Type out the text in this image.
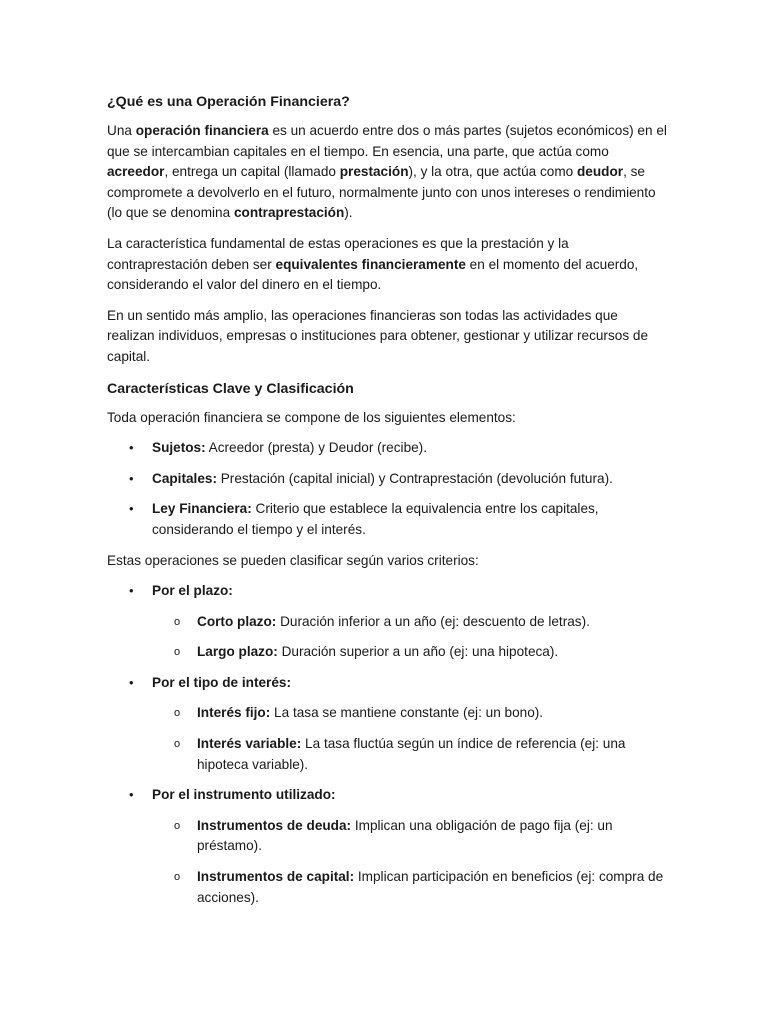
¿Qué es una Operación Financiera?

Una operación financiera es un acuerdo entre dos o más partes (sujetos económicos) en el que se intercambian capitales en el tiempo. En esencia, una parte, que actúa como acreedor, entrega un capital (llamado prestación), y la otra, que actúa como deudor, se compromete a devolverlo en el futuro, normalmente junto con unos intereses o rendimiento (lo que se denomina contraprestación).

La característica fundamental de estas operaciones es que la prestación y la contraprestación deben ser equivalentes financieramente en el momento del acuerdo, considerando el valor del dinero en el tiempo.

En un sentido más amplio, las operaciones financieras son todas las actividades que realizan individuos, empresas o instituciones para obtener, gestionar y utilizar recursos de capital.

Características Clave y Clasificación

Toda operación financiera se compone de los siguientes elementos:

• Sujetos: Acreedor (presta) y Deudor (recibe).
• Capitales: Prestación (capital inicial) y Contraprestación (devolución futura).
• Ley Financiera: Criterio que establece la equivalencia entre los capitales, considerando el tiempo y el interés.

Estas operaciones se pueden clasificar según varios criterios:

• Por el plazo:
o Corto plazo: Duración inferior a un año (ej: descuento de letras).
o Largo plazo: Duración superior a un año (ej: una hipoteca).
• Por el tipo de interés:
o Interés fijo: La tasa se mantiene constante (ej: un bono).
o Interés variable: La tasa fluctúa según un índice de referencia (ej: una hipoteca variable).
• Por el instrumento utilizado:
o Instrumentos de deuda: Implican una obligación de pago fija (ej: un préstamo).
o Instrumentos de capital: Implican participación en beneficios (ej: compra de acciones).
